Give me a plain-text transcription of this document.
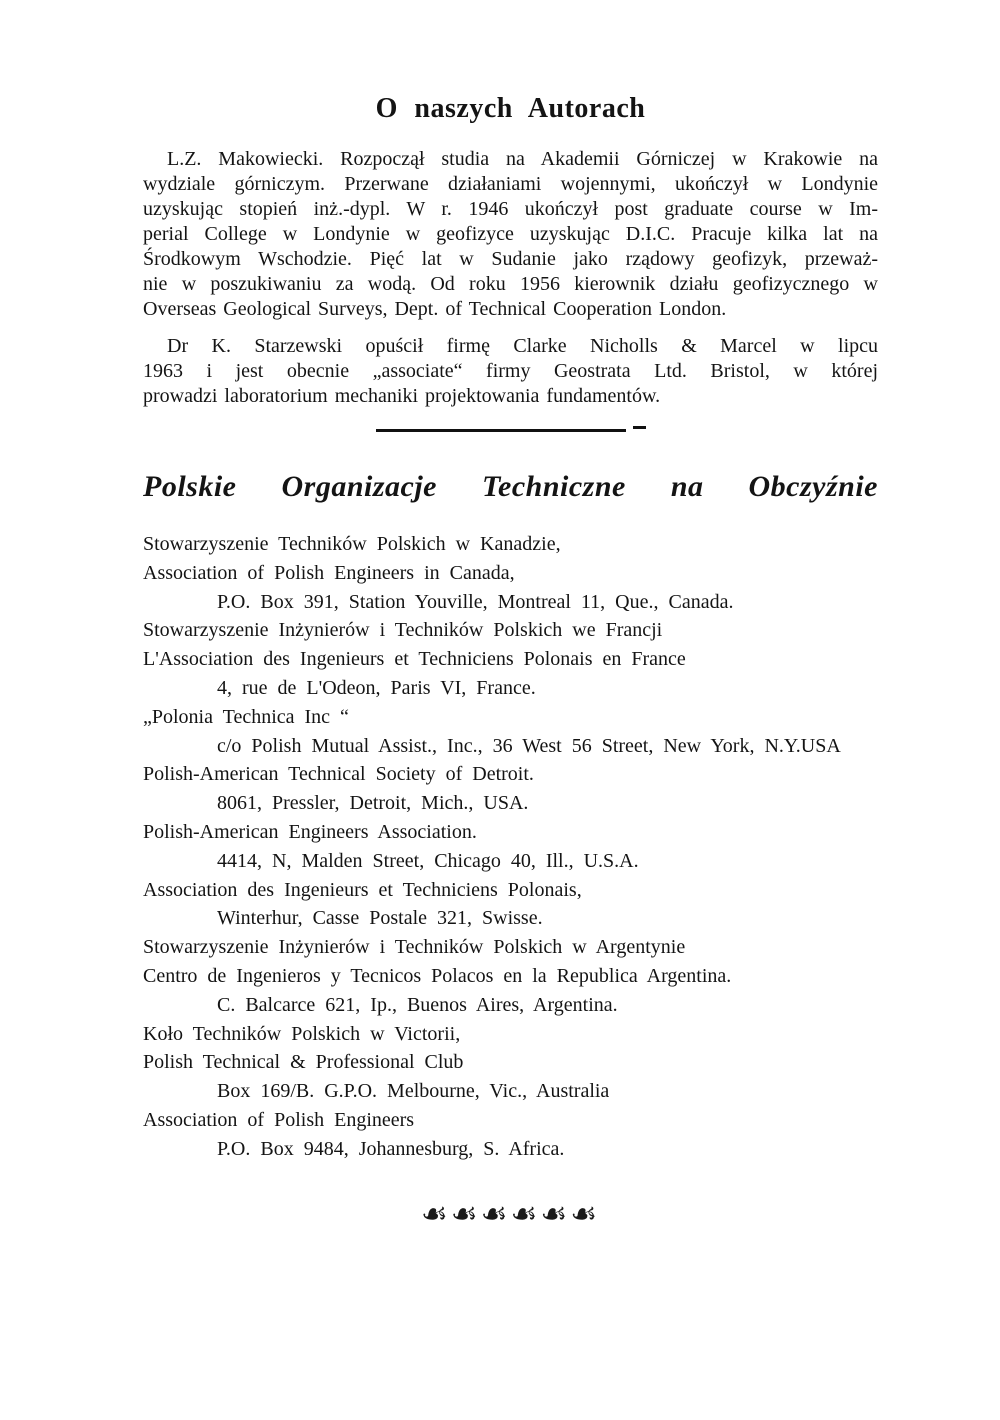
O naszych Autorach
L.Z. Makowiecki. Rozpoczął studia na Akademii Górniczej w Krakowie na
wydziale górniczym. Przerwane działaniami wojennymi, ukończył w Londynie
uzyskując stopień inż.-dypl. W r. 1946 ukończył post graduate course w Im-
perial College w Londynie w geofizyce uzyskując D.I.C. Pracuje kilka lat na
Środkowym Wschodzie. Pięć lat w Sudanie jako rządowy geofizyk, przeważ-
nie w poszukiwaniu za wodą. Od roku 1956 kierownik działu geofizycznego w
Overseas Geological Surveys, Dept. of Technical Cooperation London.
Dr K. Starzewski opuścił firmę Clarke Nicholls & Marcel w lipcu
1963 i jest obecnie „associate“ firmy Geostrata Ltd. Bristol, w której
prowadzi laboratorium mechaniki projektowania fundamentów.
Polskie Organizacje Techniczne na Obczyźnie
Stowarzyszenie Techników Polskich w Kanadzie,
Association of Polish Engineers in Canada,
P.O. Box 391, Station Youville, Montreal 11, Que., Canada.
Stowarzyszenie Inżynierów i Techników Polskich we Francji
L'Association des Ingenieurs et Techniciens Polonais en France
4, rue de L'Odeon, Paris VI, France.
„Polonia Technica Inc “
c/o Polish Mutual Assist., Inc., 36 West 56 Street, New York, N.Y.USA
Polish-American Technical Society of Detroit.
8061, Pressler, Detroit, Mich., USA.
Polish-American Engineers Association.
4414, N, Malden Street, Chicago 40, Ill., U.S.A.
Association des Ingenieurs et Techniciens Polonais,
Winterhur, Casse Postale 321, Swisse.
Stowarzyszenie Inżynierów i Techników Polskich w Argentynie
Centro de Ingenieros y Tecnicos Polacos en la Republica Argentina.
C. Balcarce 621, Ip., Buenos Aires, Argentina.
Koło Techników Polskich w Victorii,
Polish Technical & Professional Club
Box 169/B. G.P.O. Melbourne, Vic., Australia
Association of Polish Engineers
P.O. Box 9484, Johannesburg, S. Africa.
☙☙☙☙☙☙
